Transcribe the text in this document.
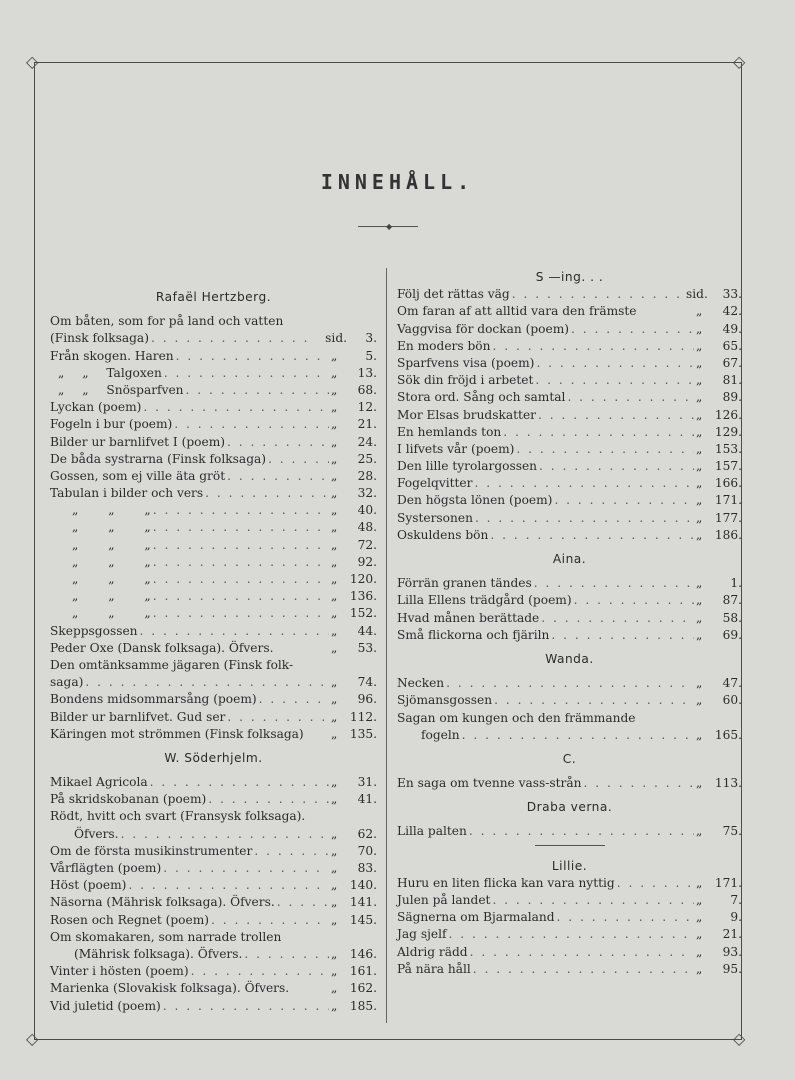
◇	◇
◇	◇
INNEHÅLL.
◆
Rafaël Hertzberg.
Om båten, som for på land och vatten
(Finsk folksaga) . . .	sid.	3.
Från skogen. Haren . . .	„	5.
„ „ Talgoxen . . .	„	13.
„ „ Snösparfven . . .	„	68.
Lyckan (poem) . . .	„	12.
Fogeln i bur (poem) . . .	„	21.
Bilder ur barnlifvet I (poem) . . .	„	24.
De båda systrarna (Finsk folksaga) . . .	„	25.
Gossen, som ej ville äta gröt . . .	„	28.
Tabulan i bilder och vers . . .	„	32.
„ „ „ . . .	„	40.
„ „ „ . . .	„	48.
„ „ „ . . .	„	72.
„ „ „ . . .	„	92.
„ „ „ . . .	„	120.
„ „ „ . . .	„	136.
„ „ „ . . .	„	152.
Skeppsgossen . . .	„	44.
Peder Oxe (Dansk folksaga). Öfvers.	„	53.
Den omtänksamme jägaren (Finsk folk-
saga) . . .	„	74.
Bondens midsommarsång (poem) . . .	„	96.
Bilder ur barnlifvet. Gud ser . . .	„	112.
Käringen mot strömmen (Finsk folksaga) „	135.
W. Söderhjelm.
Mikael Agricola . . .	„	31.
På skridskobanan (poem) . . .	„	41.
Rödt, hvitt och svart (Fransysk folksaga).
Öfvers. . . .	„	62.
Om de första musikinstrumenter . . .	„	70.
Vårflägten (poem) . . .	„	83.
Höst (poem) . . .	„	140.
Näsorna (Mährisk folksaga). Öfvers. . . .	„	141.
Rosen och Regnet (poem) . . .	„	145.
Om skomakaren, som narrade trollen
(Mährisk folksaga). Öfvers. . . .	„	146.
Vinter i hösten (poem) . . .	„	161.
Marienka (Slovakisk folksaga). Öfvers.	„	162.
Vid juletid (poem) . . .	„	185.
S —ing. . .
Följ det rättas väg . . .	sid.	33.
Om faran af att alltid vara den främste	„	42.
Vaggvisa för dockan (poem) . . .	„	49.
En moders bön . . .	„	65.
Sparfvens visa (poem) . . .	„	67.
Sök din fröjd i arbetet . . .	„	81.
Stora ord. Sång och samtal . . .	„	89.
Mor Elsas brudskatter . . .	„	126.
En hemlands ton . . .	„	129.
I lifvets vår (poem) . . .	„	153.
Den lille tyrolargossen . . .	„	157.
Fogelqvitter . . .	„	166.
Den högsta lönen (poem) . . .	„	171.
Systersonen . . .	„	177.
Oskuldens bön . . .	„	186.
Aina.
Förrän granen tändes . . .	„	1.
Lilla Ellens trädgård (poem) . . .	„	87.
Hvad månen berättade . . .	„	58.
Små flickorna och fjäriln . . .	„	69.
Wanda.
Necken . . .	„	47.
Sjömansgossen . . .	„	60.
Sagan om kungen och den främmande
fogeln . . .	„	165.
C.
En saga om tvenne vass-strån . . .	„	113.
Draba verna.
Lilla palten . . .	„	75.
Lillie.
Huru en liten flicka kan vara nyttig . . .	„	171.
Julen på landet . . .	„	7.
Sägnerna om Bjarmaland . . .	„	9.
Jag sjelf . . .	„	21.
Aldrig rädd . . .	„	93.
På nära håll . . .	„	95.
